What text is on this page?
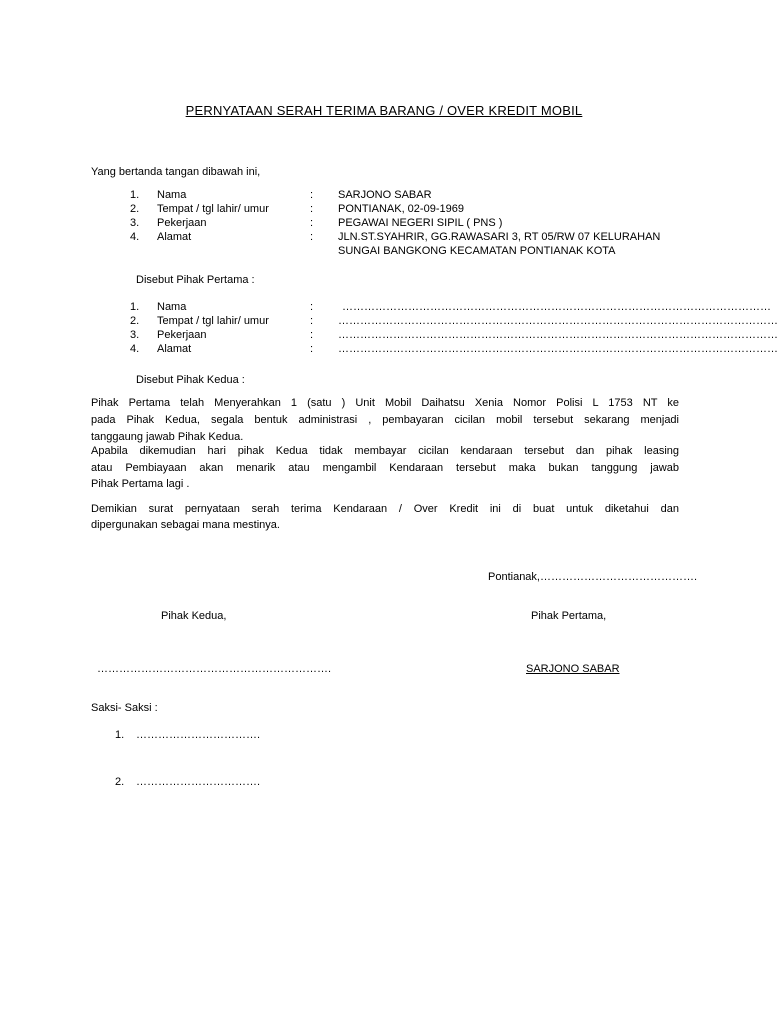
PERNYATAAN SERAH TERIMA BARANG / OVER KREDIT MOBIL
Yang bertanda tangan dibawah ini,
1. Nama	: SARJONO SABAR
2. Tempat / tgl lahir/ umur	: PONTIANAK, 02-09-1969
3. Pekerjaan	: PEGAWAI NEGERI SIPIL ( PNS )
4. Alamat	: JLN.ST.SYAHRIR, GG.RAWASARI 3, RT 05/RW 07 KELURAHAN
SUNGAI BANGKONG KECAMATAN PONTIANAK KOTA
Disebut Pihak Pertama :
1. Nama	:	………………………………………………………………………………………………………
2. Tempat / tgl lahir/ umur	: …………………………………………………………………………………………………………
3. Pekerjaan	: …………………………………………………………………………………………………………
4. Alamat	: …………………………………………………………………………………………………………
Disebut Pihak Kedua :
Pihak Pertama telah Menyerahkan 1 (satu ) Unit Mobil Daihatsu Xenia Nomor Polisi L 1753 NT ke
pada Pihak Kedua, segala bentuk administrasi , pembayaran cicilan mobil tersebut sekarang menjadi
tanggaung jawab Pihak Kedua.
Apabila dikemudian hari pihak Kedua tidak membayar cicilan kendaraan tersebut dan pihak leasing
atau Pembiayaan akan menarik atau mengambil Kendaraan tersebut maka bukan tanggung jawab
Pihak Pertama lagi .
Demikian surat pernyataan serah terima Kendaraan / Over Kredit ini di buat untuk diketahui dan
dipergunakan sebagai mana mestinya.
Pontianak,…………………………………….
Pihak Kedua,	Pihak Pertama,
……………………………………………………….	SARJONO SABAR
Saksi- Saksi :
1. …………………………….
2. …………………………….
